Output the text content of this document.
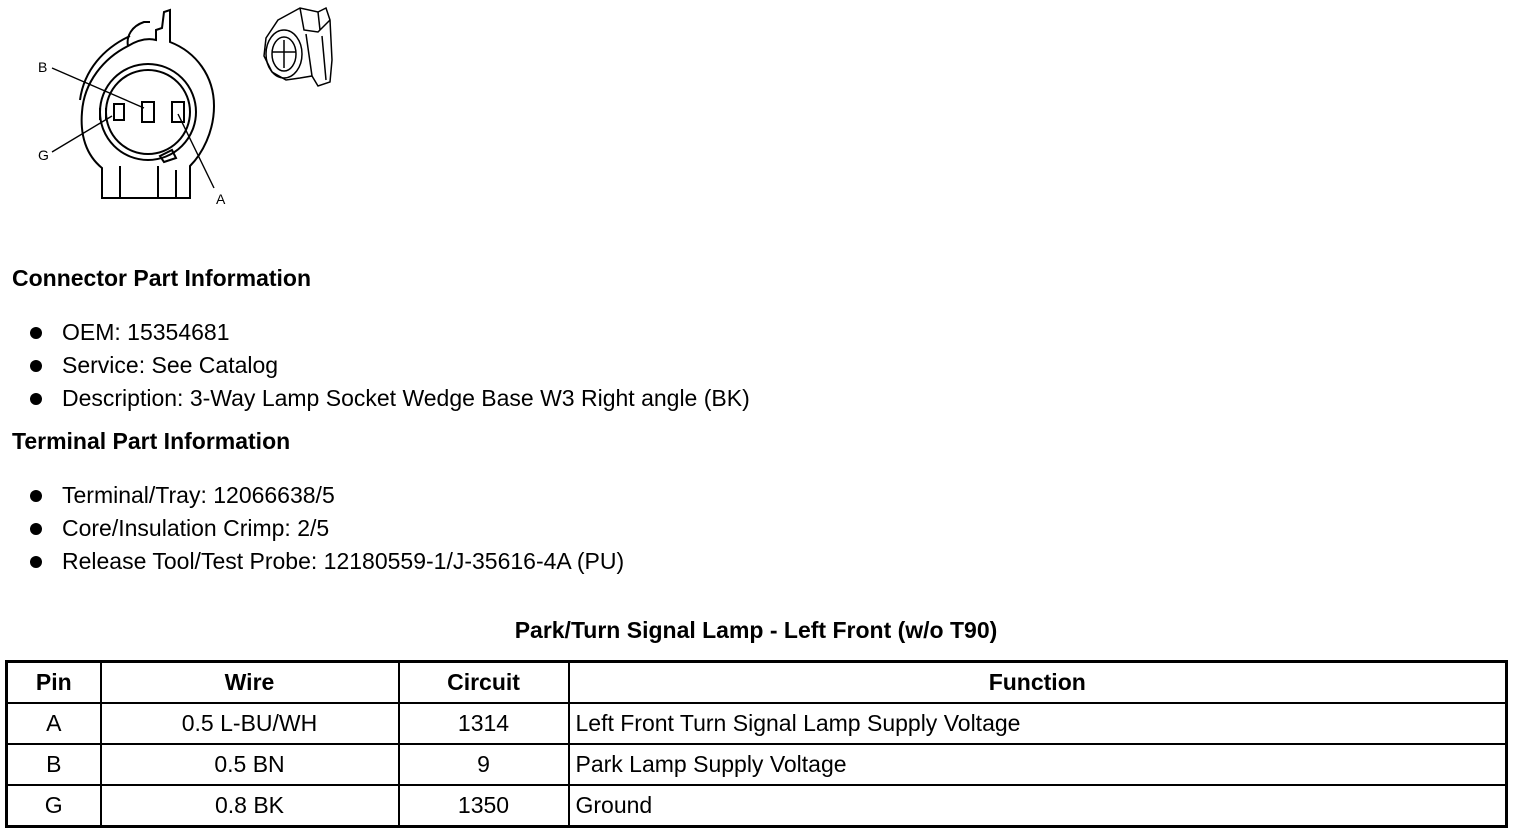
B
G
A
Connector Part Information
OEM: 15354681
Service: See Catalog
Description: 3-Way Lamp Socket Wedge Base W3 Right angle (BK)
Terminal Part Information
Terminal/Tray: 12066638/5
Core/Insulation Crimp: 2/5
Release Tool/Test Probe: 12180559-1/J-35616-4A (PU)
Park/Turn Signal Lamp - Left Front (w/o T90)
Pin	Wire	Circuit	Function
A	0.5 L-BU/WH	1314	Left Front Turn Signal Lamp Supply Voltage
B	0.5 BN	9	Park Lamp Supply Voltage
G	0.8 BK	1350	Ground
